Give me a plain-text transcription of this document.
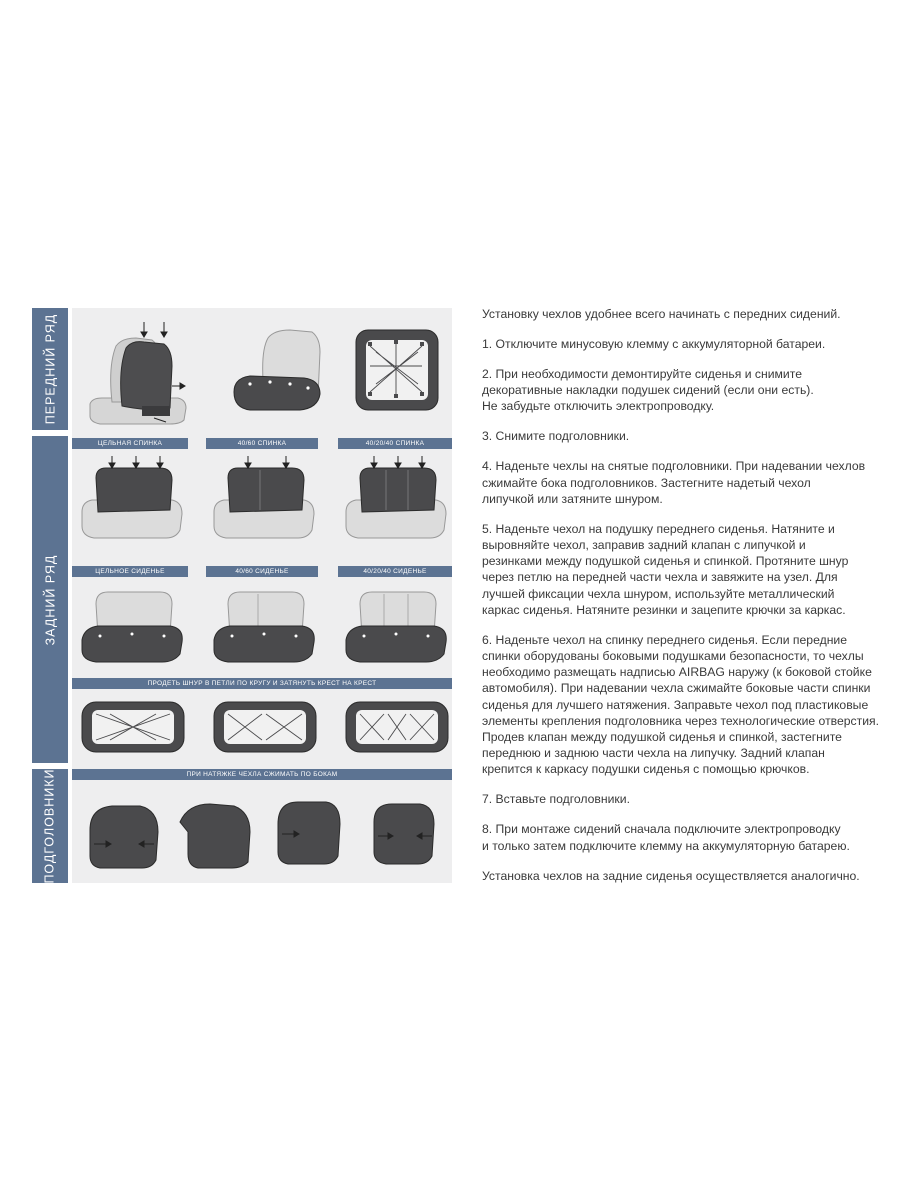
ПЕРЕДНИЙ РЯД
ЗАДНИЙ РЯД
ПОДГОЛОВНИКИ
ЦЕЛЬНАЯ СПИНКА	40/60 СПИНКА	40/20/40 СПИНКА
ЦЕЛЬНОЕ СИДЕНЬЕ	40/60 СИДЕНЬЕ	40/20/40 СИДЕНЬЕ
ПРОДЕТЬ ШНУР В ПЕТЛИ ПО КРУГУ И ЗАТЯНУТЬ КРЕСТ НА КРЕСТ
ПРИ НАТЯЖКЕ ЧЕХЛА СЖИМАТЬ ПО БОКАМ

Установку чехлов удобнее всего начинать с передних сидений.

1. Отключите минусовую клемму с аккумуляторной батареи.

2. При необходимости демонтируйте сиденья и снимите
декоративные накладки подушек сидений (если они есть).
Не забудьте отключить электропроводку.

3. Снимите подголовники.

4. Наденьте чехлы на снятые подголовники. При надевании чехлов
сжимайте бока подголовников. Застегните надетый чехол
липучкой или затяните шнуром.

5. Наденьте чехол на подушку переднего сиденья. Натяните и
выровняйте чехол, заправив задний клапан с липучкой и
резинками между подушкой сиденья и спинкой. Протяните шнур
через петлю на передней части чехла и завяжите на узел. Для
лучшей фиксации чехла шнуром, используйте металлический
каркас сиденья. Натяните резинки и зацепите крючки за каркас.

6. Наденьте чехол на спинку переднего сиденья. Если передние
спинки оборудованы боковыми подушками безопасности, то чехлы
необходимо размещать надписью AIRBAG наружу (к боковой стойке
автомобиля). При надевании чехла сжимайте боковые части спинки
сиденья для лучшего натяжения. Заправьте чехол под пластиковые
элементы крепления подголовника через технологические отверстия.
Продев клапан между подушкой сиденья и спинкой, застегните
переднюю и заднюю части чехла на липучку. Задний клапан
крепится к каркасу подушки сиденья с помощью крючков.

7. Вставьте подголовники.

8. При монтаже сидений сначала подключите электропроводку
и только затем подключите клемму на аккумуляторную батарею.

Установка чехлов на задние сиденья осуществляется аналогично.
